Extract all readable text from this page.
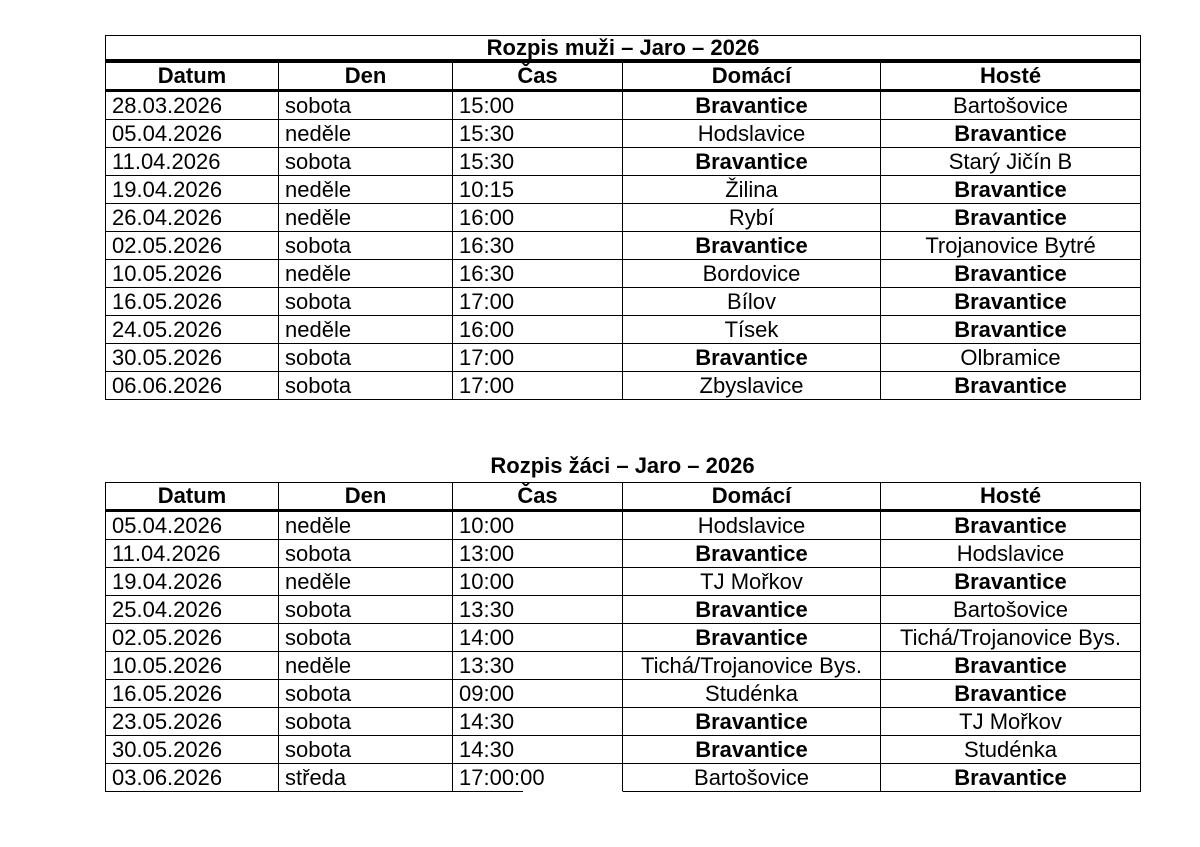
Rozpis muži – Jaro – 2026				
Datum	Den	Čas	Domácí	Hosté
28.03.2026	sobota	15:00	Bravantice	Bartošovice
05.04.2026	neděle	15:30	Hodslavice	Bravantice
11.04.2026	sobota	15:30	Bravantice	Starý Jičín B
19.04.2026	neděle	10:15	Žilina	Bravantice
26.04.2026	neděle	16:00	Rybí	Bravantice
02.05.2026	sobota	16:30	Bravantice	Trojanovice Bytré
10.05.2026	neděle	16:30	Bordovice	Bravantice
16.05.2026	sobota	17:00	Bílov	Bravantice
24.05.2026	neděle	16:00	Tísek	Bravantice
30.05.2026	sobota	17:00	Bravantice	Olbramice
06.06.2026	sobota	17:00	Zbyslavice	Bravantice
Rozpis žáci – Jaro – 2026
Datum	Den	Čas	Domácí	Hosté
05.04.2026	neděle	10:00	Hodslavice	Bravantice
11.04.2026	sobota	13:00	Bravantice	Hodslavice
19.04.2026	neděle	10:00	TJ Mořkov	Bravantice
25.04.2026	sobota	13:30	Bravantice	Bartošovice
02.05.2026	sobota	14:00	Bravantice	Tichá/Trojanovice Bys.
10.05.2026	neděle	13:30	Tichá/Trojanovice Bys.	Bravantice
16.05.2026	sobota	09:00	Studénka	Bravantice
23.05.2026	sobota	14:30	Bravantice	TJ Mořkov
30.05.2026	sobota	14:30	Bravantice	Studénka
03.06.2026	středa	17:00:00	Bartošovice	Bravantice
